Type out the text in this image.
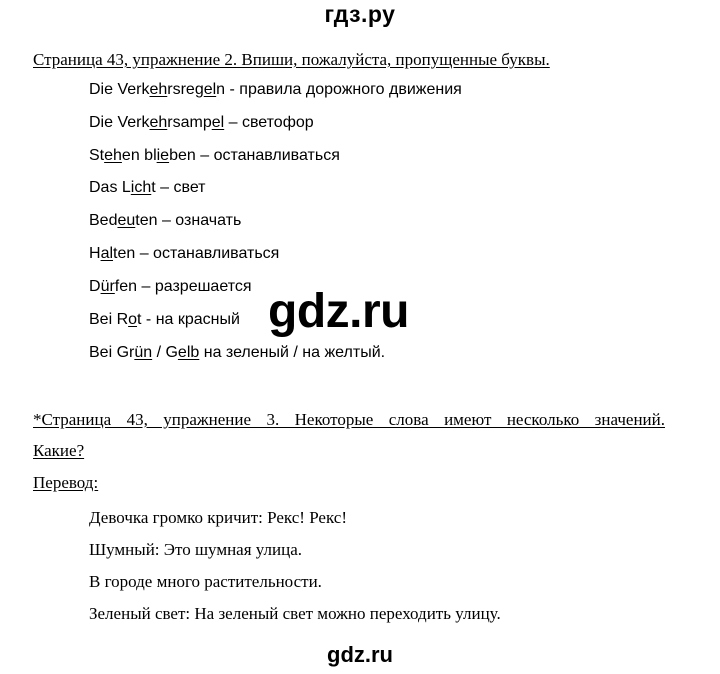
гдз.ру
Страница 43, упражнение 2. Впиши, пожалуйста, пропущенные буквы.
Die Verkehrsregeln - правила дорожного движения
Die Verkehrsampel – светофор
Stehen blieben – останавливаться
Das Licht – свет
Bedeuten – означать
Halten – останавливаться
Dürfen – разрешается
Bei Rot - на красный
Bei Grün / Gelb на зеленый / на желтый.
gdz.ru
*Страница 43, упражнение 3. Некоторые слова имеют несколько значений.
Какие?
Перевод:
Девочка громко кричит: Рекс! Рекс!
Шумный: Это шумная улица.
В городе много растительности.
Зеленый свет: На зеленый свет можно переходить улицу.
gdz.ru
